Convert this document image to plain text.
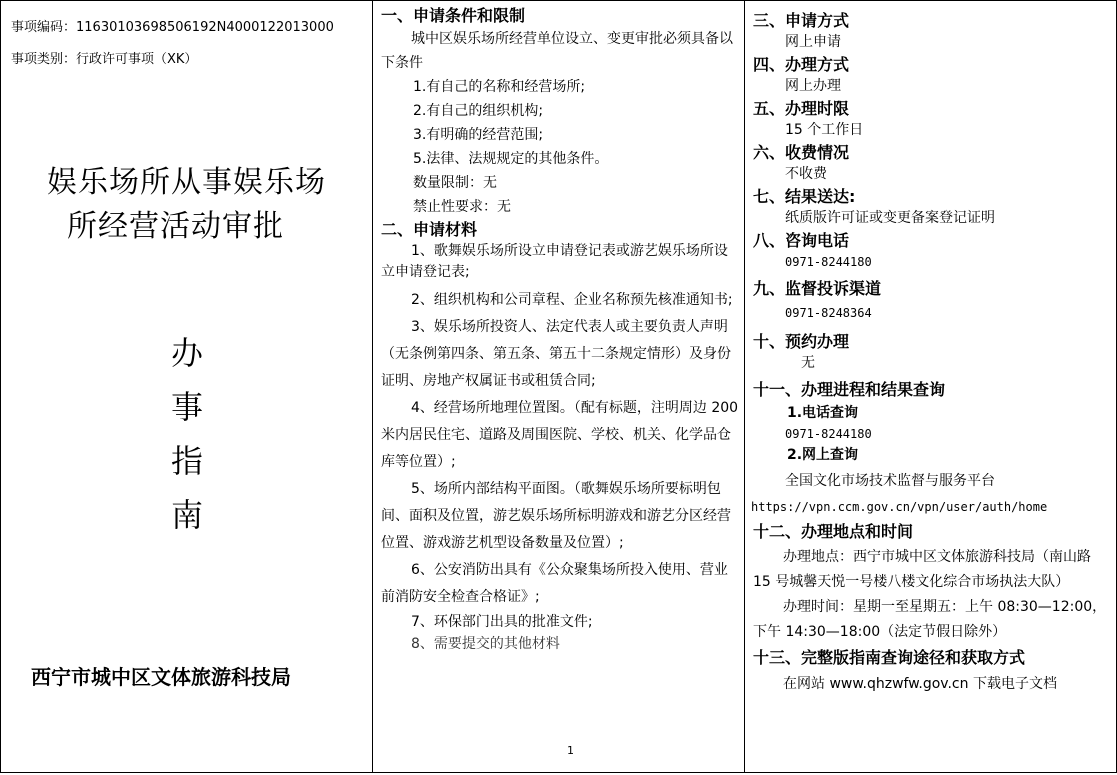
事项编码：11630103698506192N4000122013000
事项类别：行政许可事项（XK）
娱乐场所从事娱乐场
所经营活动审批
办
事
指
南
西宁市城中区文体旅游科技局
一、申请条件和限制
城中区娱乐场所经营单位设立、变更审批必须具备以下条件
1.有自己的名称和经营场所;
2.有自己的组织机构;
3.有明确的经营范围;
5.法律、法规规定的其他条件。
数量限制：无
禁止性要求：无
二、申请材料
1、歌舞娱乐场所设立申请登记表或游艺娱乐场所设立申请登记表;
2、组织机构和公司章程、企业名称预先核准通知书;
3、娱乐场所投资人、法定代表人或主要负责人声明（无条例第四条、第五条、第五十二条规定情形）及身份证明、房地产权属证书或租赁合同;
4、经营场所地理位置图。（配有标题，注明周边 200 米内居民住宅、道路及周围医院、学校、机关、化学品仓库等位置）;
5、场所内部结构平面图。（歌舞娱乐场所要标明包间、面积及位置，游艺娱乐场所标明游戏和游艺分区经营位置、游戏游艺机型设备数量及位置）;
6、公安消防出具有《公众聚集场所投入使用、营业前消防安全检查合格证》;
7、环保部门出具的批准文件;
8、需要提交的其他材料
1
三、申请方式
网上申请
四、办理方式
网上办理
五、办理时限
15 个工作日
六、收费情况
不收费
七、结果送达:
纸质版许可证或变更备案登记证明
八、咨询电话
0971-8244180
九、监督投诉渠道
0971-8248364
十、预约办理
无
十一、办理进程和结果查询
1.电话查询
0971-8244180
2.网上查询
全国文化市场技术监督与服务平台
https://vpn.ccm.gov.cn/vpn/user/auth/home
十二、办理地点和时间
办理地点：西宁市城中区文体旅游科技局（南山路 15 号城馨天悦一号楼八楼文化综合市场执法大队）
办理时间：星期一至星期五：上午 08:30—12:00，下午 14:30—18:00（法定节假日除外）
十三、完整版指南查询途径和获取方式
在网站 www.qhzwfw.gov.cn 下载电子文档
